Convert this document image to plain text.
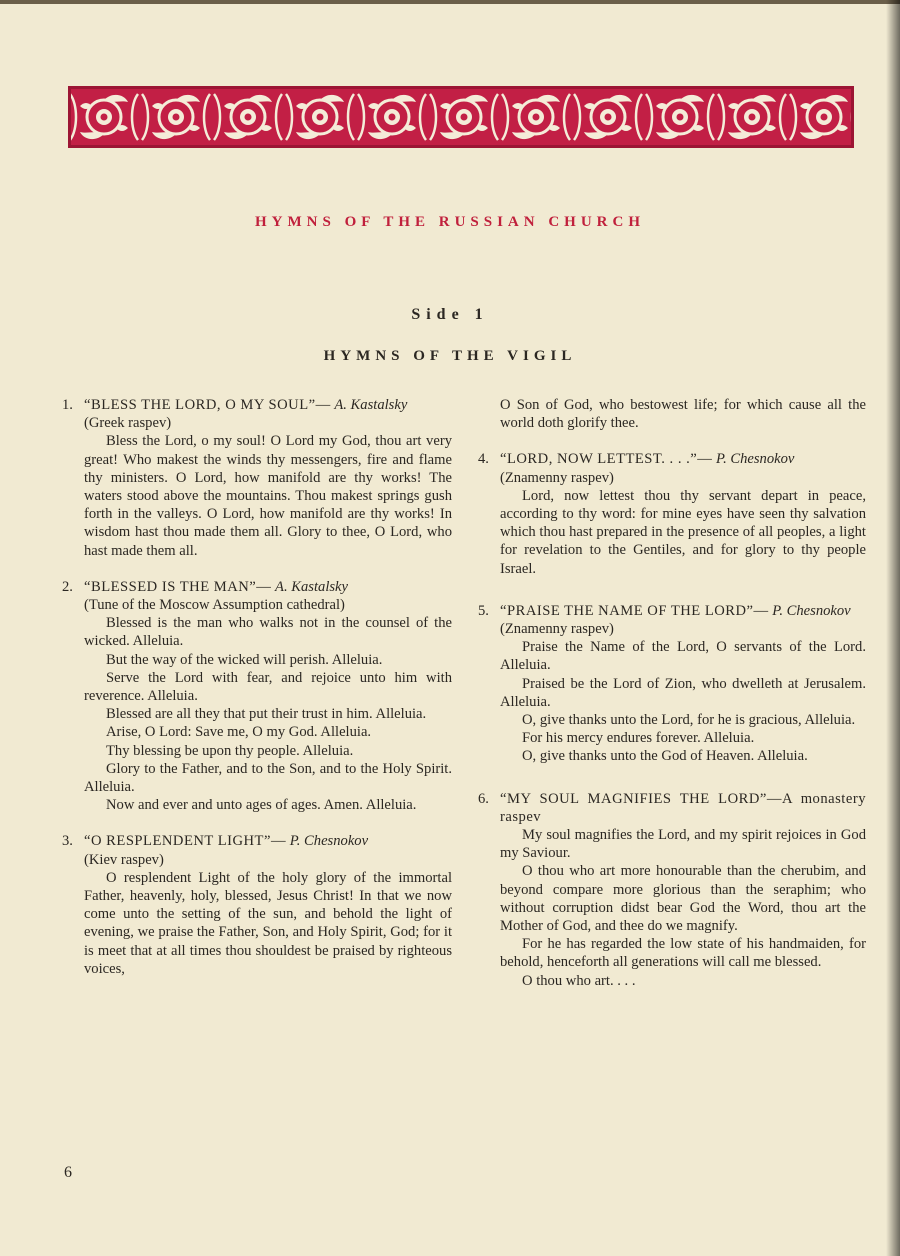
HYMNS OF THE RUSSIAN CHURCH
Side 1
HYMNS OF THE VIGIL
1. “BLESS THE LORD, O MY SOUL”— A. Kastalsky
(Greek raspev)

Bless the Lord, o my soul! O Lord my God, thou art very great! Who makest the winds thy messengers, fire and flame thy ministers. O Lord, how manifold are thy works! The waters stood above the mountains. Thou makest springs gush forth in the valleys. O Lord, how manifold are thy works! In wisdom hast thou made them all. Glory to thee, O Lord, who hast made them all.

2. “BLESSED IS THE MAN”— A. Kastalsky
(Tune of the Moscow Assumption cathedral)

Blessed is the man who walks not in the counsel of the wicked. Alleluia.

But the way of the wicked will perish. Alleluia.

Serve the Lord with fear, and rejoice unto him with reverence. Alleluia.

Blessed are all they that put their trust in him. Alleluia.

Arise, O Lord: Save me, O my God. Alleluia.

Thy blessing be upon thy people. Alleluia.

Glory to the Father, and to the Son, and to the Holy Spirit. Alleluia.

Now and ever and unto ages of ages. Amen. Alleluia.

3. “O RESPLENDENT LIGHT”— P. Chesnokov
(Kiev raspev)

O resplendent Light of the holy glory of the immortal Father, heavenly, holy, blessed, Jesus Christ! In that we now come unto the setting of the sun, and behold the light of evening, we praise the Father, Son, and Holy Spirit, God; for it is meet that at all times thou shouldest be praised by righteous voices,

O Son of God, who bestowest life; for which cause all the world doth glorify thee.

4. “LORD, NOW LETTEST. . . .”— P. Chesnokov
(Znamenny raspev)

Lord, now lettest thou thy servant depart in peace, according to thy word: for mine eyes have seen thy salvation which thou hast prepared in the presence of all peoples, a light for revelation to the Gentiles, and for glory to thy people Israel.

5. “PRAISE THE NAME OF THE LORD”— P. Chesnokov
(Znamenny raspev)

Praise the Name of the Lord, O servants of the Lord. Alleluia.

Praised be the Lord of Zion, who dwelleth at Jerusalem. Alleluia.

O, give thanks unto the Lord, for he is gracious, Alleluia.

For his mercy endures forever. Alleluia.

O, give thanks unto the God of Heaven. Alleluia.

6. “MY SOUL MAGNIFIES THE LORD”—A monastery raspev

My soul magnifies the Lord, and my spirit rejoices in God my Saviour.

O thou who art more honourable than the cherubim, and beyond compare more glorious than the seraphim; who without corruption didst bear God the Word, thou art the Mother of God, and thee do we magnify.

For he has regarded the low state of his handmaiden, for behold, henceforth all generations will call me blessed.

O thou who art. . . .

6
